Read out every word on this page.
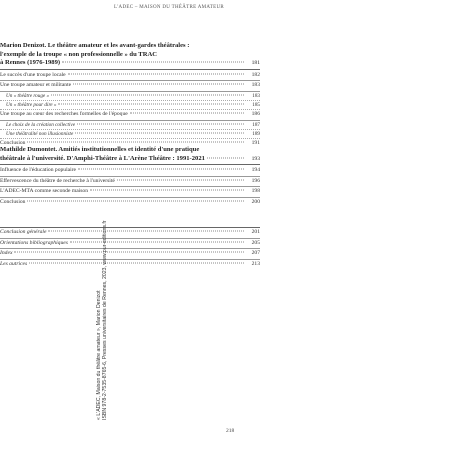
L'ADEC – MAISON DU THÉÂTRE AMATEUR
Marion Denizot. Le théâtre amateur et les avant-gardes théâtrales :
l'exemple de la troupe « non professionnelle » du TRAC
à Rennes (1976-1989)	181
Le succès d'une troupe locale	182
Une troupe amateur et militante	183
Un « théâtre rouge »	183
Un « théâtre pour dire »	185
Une troupe au cœur des recherches formelles de l'époque	186
Le choix de la création collective	187
Une théâtralité non illusionniste	189
Conclusion	191
Mathilde Dumontet. Amitiés institutionnelles et identité d'une pratique
théâtrale à l'université. D'Amphi-Théâtre à L'Arène Théâtre : 1991-2021	193
Influence de l'éducation populaire	194
Effervescence du théâtre de recherche à l'université	196
L'ADEC-MTA comme seconde maison	198
Conclusion	200
Conclusion générale	201
Orientations bibliographiques	205
Index	207
Les autrices	213
« L'ADEC, Maison du théâtre amateur », Marion Denizot ISBN 978-2-7535-8765-6, Presses universitaires de Rennes, 2023, www.pur-editions.fr
218
